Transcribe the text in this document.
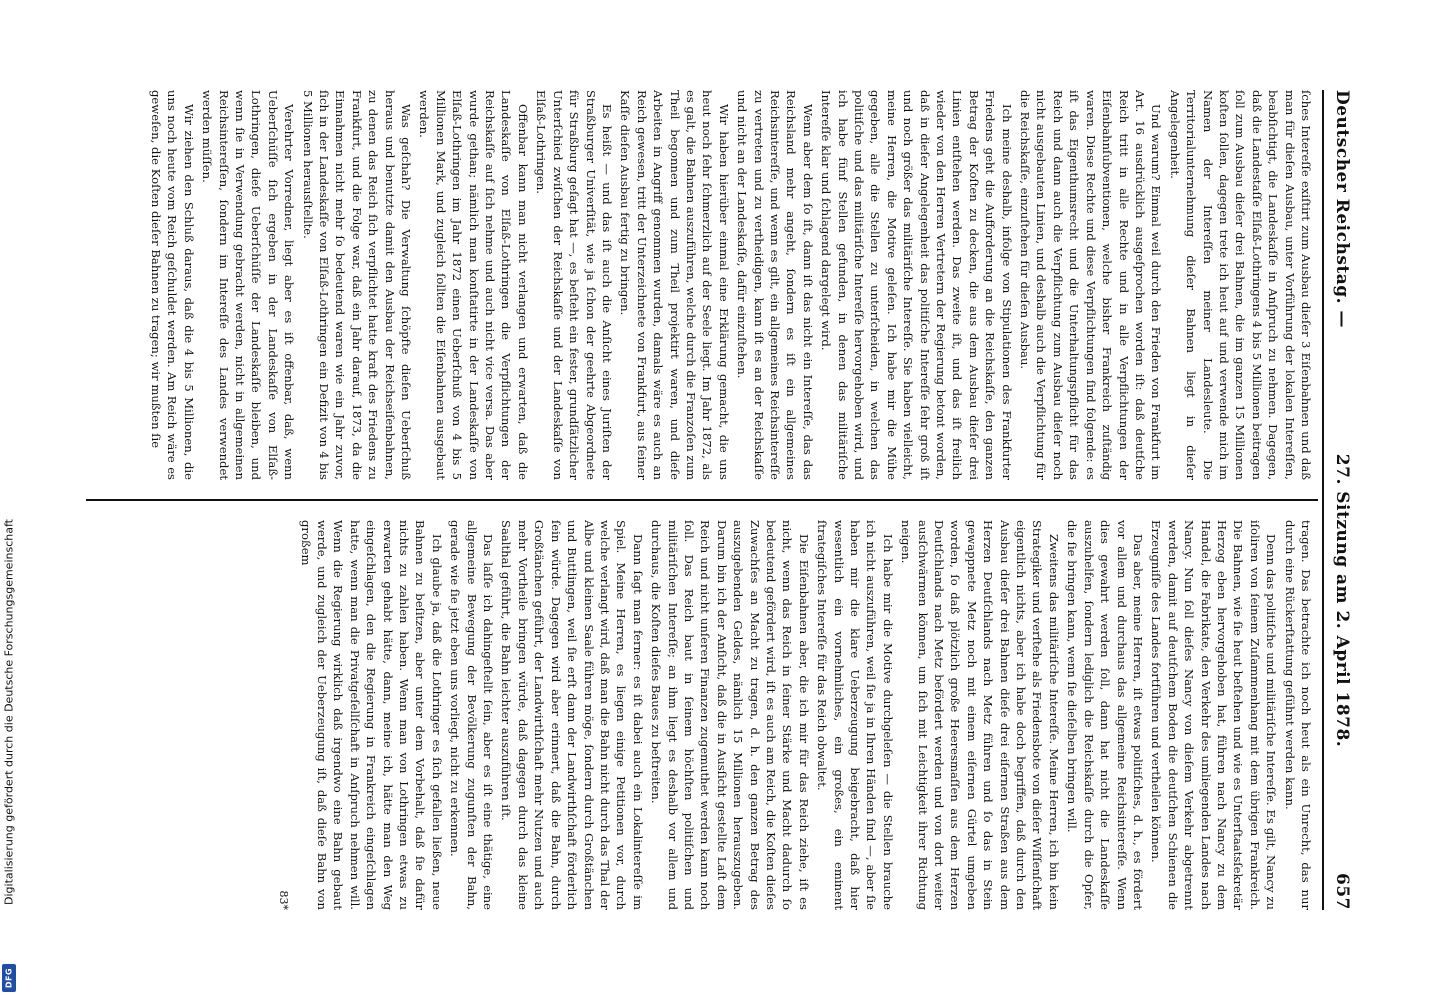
Deutscher Reichstag. —
27. Sitzung am 2. April 1878.
657

ſches Intereſſe exiſtirt zum Ausbau dieſer 3 Eiſenbahnen und daß man für dieſen Ausbau, unter Vorführung der lokalen Intereſſen, beabſichtigt, die Landeskaſſe in Anſpruch zu nehmen. Dagegen, daß die Landestaſſe Elſaß-Lothringens 4 bis 5 Millionen beitragen ſoll zum Ausbau dieſer drei Bahnen, die im ganzen 15 Millionen koſten ſollen, dagegen trete ich heut auf und verwende mich im Namen der Intereſſen meiner Landesleute. Die Territorialunternehmung dieſer Bahnen liegt in dieſer Angelegenheit.

Und warum? Einmal weil durch den Frieden von Frankfurt im Art. 16 ausdrücklich ausgeſprochen worden iſt: daß deutſche Reich tritt in alle Rechte und in alle Verpflichtungen der Eiſenbahnſubventionen, welche bisher Frankreich zuſtändig waren. Diese Rechte und diese Verpflichtungen ſind folgende: es iſt das Eigenthumsrecht und die Unterhaltungspflicht für das Reich und dann auch die Verpflichtung zum Ausbau dieſer noch nicht ausgebauten Linien, und deshalb auch die Verpflichtung für die Reichskaſſe, einzuſtehen für dieſen Ausbau.

Ich meine deshalb, infolge von Stipulationen des Frankfurter Friedens geht die Aufforderung an die Reichskaſſe, den ganzen Betrag der Koſten zu decken, die aus dem Ausbau dieſer drei Linien entſtehen werden. Das zweite iſt, und das iſt freilich wieder von den Herren Vertretern der Regierung betont worden, daß in dieſer Angelegenheit das politiſche Intereſſe ſehr groß iſt und noch größer das militäriſche Intereſſe. Sie haben vielleicht, meine Herren, die Motive geleſen. Ich habe mir die Mühe gegeben, alle die Stellen zu unterſcheiden, in welchen das politiſche und das militäriſche Intereſſe hervorgehoben wird, und ich habe fünf Stellen gefunden, in denen das militäriſche Intereſſe klar und ſchlagend dargelegt wird.

Wenn aber dem ſo iſt, dann iſt das nicht ein Intereſſe, das das Reichsland mehr angeht, ſondern es iſt ein allgemeines Reichsintereſſe, und wenn es gilt, ein allgemeines Reichsintereſſe zu vertreten und zu vertheidigen, kann iſt es an der Reichskaſſe und nicht an der Landeskaſſe, dafür einzuſtehen.

Wir haben hierüber einmal eine Erklärung gemacht, die uns heut noch ſehr ſchmerzlich auf der Seele liegt. Im Jahr 1872, als es galt, die Bahnen auszuführen, welche durch die Franzoſen zum Theil begonnen und zum Theil projektirt waren, und dieſe Arbeiten in Angriff genommen wurden, damals wäre es auch an Reich gewesen, tritt der Unterzeichnete von Frankfurt, aus ſeiner Kaſſe dieſen Ausbau fertig zu bringen.

Es heißt — und das iſt auch die Anſicht eines Juriſten der Straßburger Univerſität, wie ja ſchon der geehrte Abgeordnete für Straßburg geſagt hat —, es beſteht ein fester, grundſätzlicher Unterſchied zwiſchen der Reichskaſſe und der Landeskaſſe von Elſaß-Lothringen.

Offenbar kann man nicht verlangen und erwarten, daß die Landeskaſſe von Elſaß-Lothringen die Verpflichtungen der Reichskaſſe auf ſich nehme und auch nicht vice versa. Das aber wurde gethan; nämlich man konſtatirte in der Landeskaſſe von Elſaß-Lothringen im Jahr 1872 einen Ueberſchuß von 4 bis 5 Millionen Mark, und zugleich ſollten die Eiſenbahnen ausgebaut werden.

Was geſchah? Die Verwaltung ſchöpfte dieſen Ueberſchuß heraus und benutzte damit den Ausbau der Reichseiſenbahnen, zu denen das Reich ſich verpflichtet hatte kraft des Friedens zu Frankfurt, und die Folge war, daß ein Jahr darauf, 1873, da die Einnahmen nicht mehr ſo bedeutend waren wie ein Jahr zuvor, ſich in der Landeskaſſe von Elſaß-Lothringen ein Defizit von 4 bis 5 Millionen herausſtellte.

Verehrter Vorredner, liegt aber es iſt offenbar, daß, wenn Ueberſchüſſe ſich ergeben in der Landeskaſſe von Elſaß-Lothringen, dieſe Ueberſchüſſe der Landeskaſſe bleiben, und wenn ſie in Verwendung gebracht werden, nicht in allgemeinen Reichsintereſſen, ſondern im Intereſſe des Landes verwendet werden müſſen.

Wir ziehen den Schluß daraus, daß die 4 bis 5 Millionen, die uns noch heute vom Reich geſchuldet werden. Am Reich wäre es geweſen, die Koſten dieſer Bahnen zu tragen; wir mußten ſie

tragen. Das betrachte ich noch heut als ein Unrecht, das nur durch eine Rückerſtattung geſühnt werden kann.

Denn das politiſche und militäriſche Intereſſe. Es gilt, Nancy zu iſoliren von ſeinem Zuſammenhang mit dem übrigen Frankreich. Die Bahnen, wie ſie heut beſtehen und wie es Unterſtaatsſekretär Herzog eben hervorgehoben hat, führen nach Nancy zu dem Handel, die Fabrikate, den Verkehr des umliegenden Landes nach Nancy. Nun ſoll dieſes Nancy von dieſem Verkehr abgetrennt werden, damit auf deutſchem Boden die deutſchen Schienen die Erzeugniſſe des Landes fortführen und vertheilen können.

Das aber, meine Herren, iſt etwas politiſches, d. h., es fördert vor allem und durchaus das allgemeine Reichsintereſſe. Wenn dies gewahrt werden ſoll, dann hat nicht die Landeskaſſe auszuhelfen, ſondern lediglich die Reichskaſſe durch die Opfer, die ſie bringen kann, wenn ſie dieſelben bringen will.

Zweitens das militäriſche Intereſſe. Meine Herren, ich bin kein Strategiker und verſtehe als Friedensbote von dieſer Wiſſenſchaft eigentlich nichts, aber ich habe doch begriffen, daß durch den Ausbau dieſer drei Bahnen dieſe drei eiſernen Straßen aus dem Herzen Deutſchlands nach Metz führen und ſo das in Stein gewappnete Metz noch mit einem eiſernen Gürtel umgeben worden, ſo daß plötzlich große Heeresmaſſen aus dem Herzen Deutſchlands nach Metz befördert werden und von dort weiter ausſchwärmen können, um ſich mit Leichtigkeit ihrer Richtung neigen.

Ich habe mir die Motive durchgeleſen — die Stellen brauche ich nicht auszuführen, weil ſie ja in Ihren Händen ſind —, aber ſie haben mir die klare Ueberzeugung beigebracht, daß hier wesentlich ein vornehmliches, ein großes, ein eminent ſtrategiſches Intereſſe für das Reich obwaltet.

Die Eiſenbahnen aber, die ich mir für das Reich ziehe, iſt es nicht, wenn das Reich in ſeiner Stärke und Macht dadurch ſo bedeutend gefördert wird, iſt es auch am Reich, die Koſten dieſes Zuwachſes an Macht zu tragen, d. h. den ganzen Betrag des auszugebenden Geldes, nämlich 15 Millionen herauszugeben. Darum bin ich der Anſicht, daß die in Ausſicht gestellte Laſt dem Reich und nicht unſeren Finanzen zugemuthet werden kann noch ſoll. Das Reich baut in ſeinem höchſten politiſchen und militäriſchen Intereſſe; an ihm liegt es deshalb vor allem und durchaus, die Koſten dieſes Baues zu beſtreiten.

Dann ſagt man ferner: es iſt dabei auch ein Lokalintereſſe im Spiel. Meine Herren, es liegen einige Petitionen vor, durch welche verlangt wird, daß man die Bahn nicht durch das Thal der Albe und kleinen Saale führen möge, ſondern durch Großtänchen und Buttlingen, weil ſie erſt dann der Landwirthſchaft förderlich ſein würde. Dagegen wird aber erinnert, daß die Bahn, durch Großtänchen geführt, der Landwirthſchaft mehr Nutzen und auch mehr Vortheile bringen würde, daß dagegen durch das kleine Saalthal geführt, die Bahn leichter auszuführen iſt.

Das laſſe ich dahingeſtellt ſein, aber es iſt eine thätige, eine allgemeine Bewegung der Bevölkerung zugunſten der Bahn, gerade wie ſie jetzt eben uns vorliegt, nicht zu erkennen.

Ich glaube ja, daß die Lothringer es ſich gefallen ließen, neue Bahnen zu beſitzen, aber unter dem Vorbehalt, daß ſie dafür nichts zu zahlen haben. Wenn man von Lothringen etwas zu erwarten gehabt hätte, dann, meine ich, hätte man den Weg eingeſchlagen, den die Regierung in Frankreich eingeſchlagen hatte, wenn man die Privatgeſellſchaft in Anſpruch nehmen will. Wenn die Regierung wirklich daß irgendwo eine Bahn gebaut werde, und zugleich der Ueberzeugung iſt, daß dieſe Bahn von großem

83*
Digitalisierung gefördert durch die Deutsche Forschungsgemeinschaft
DFG
